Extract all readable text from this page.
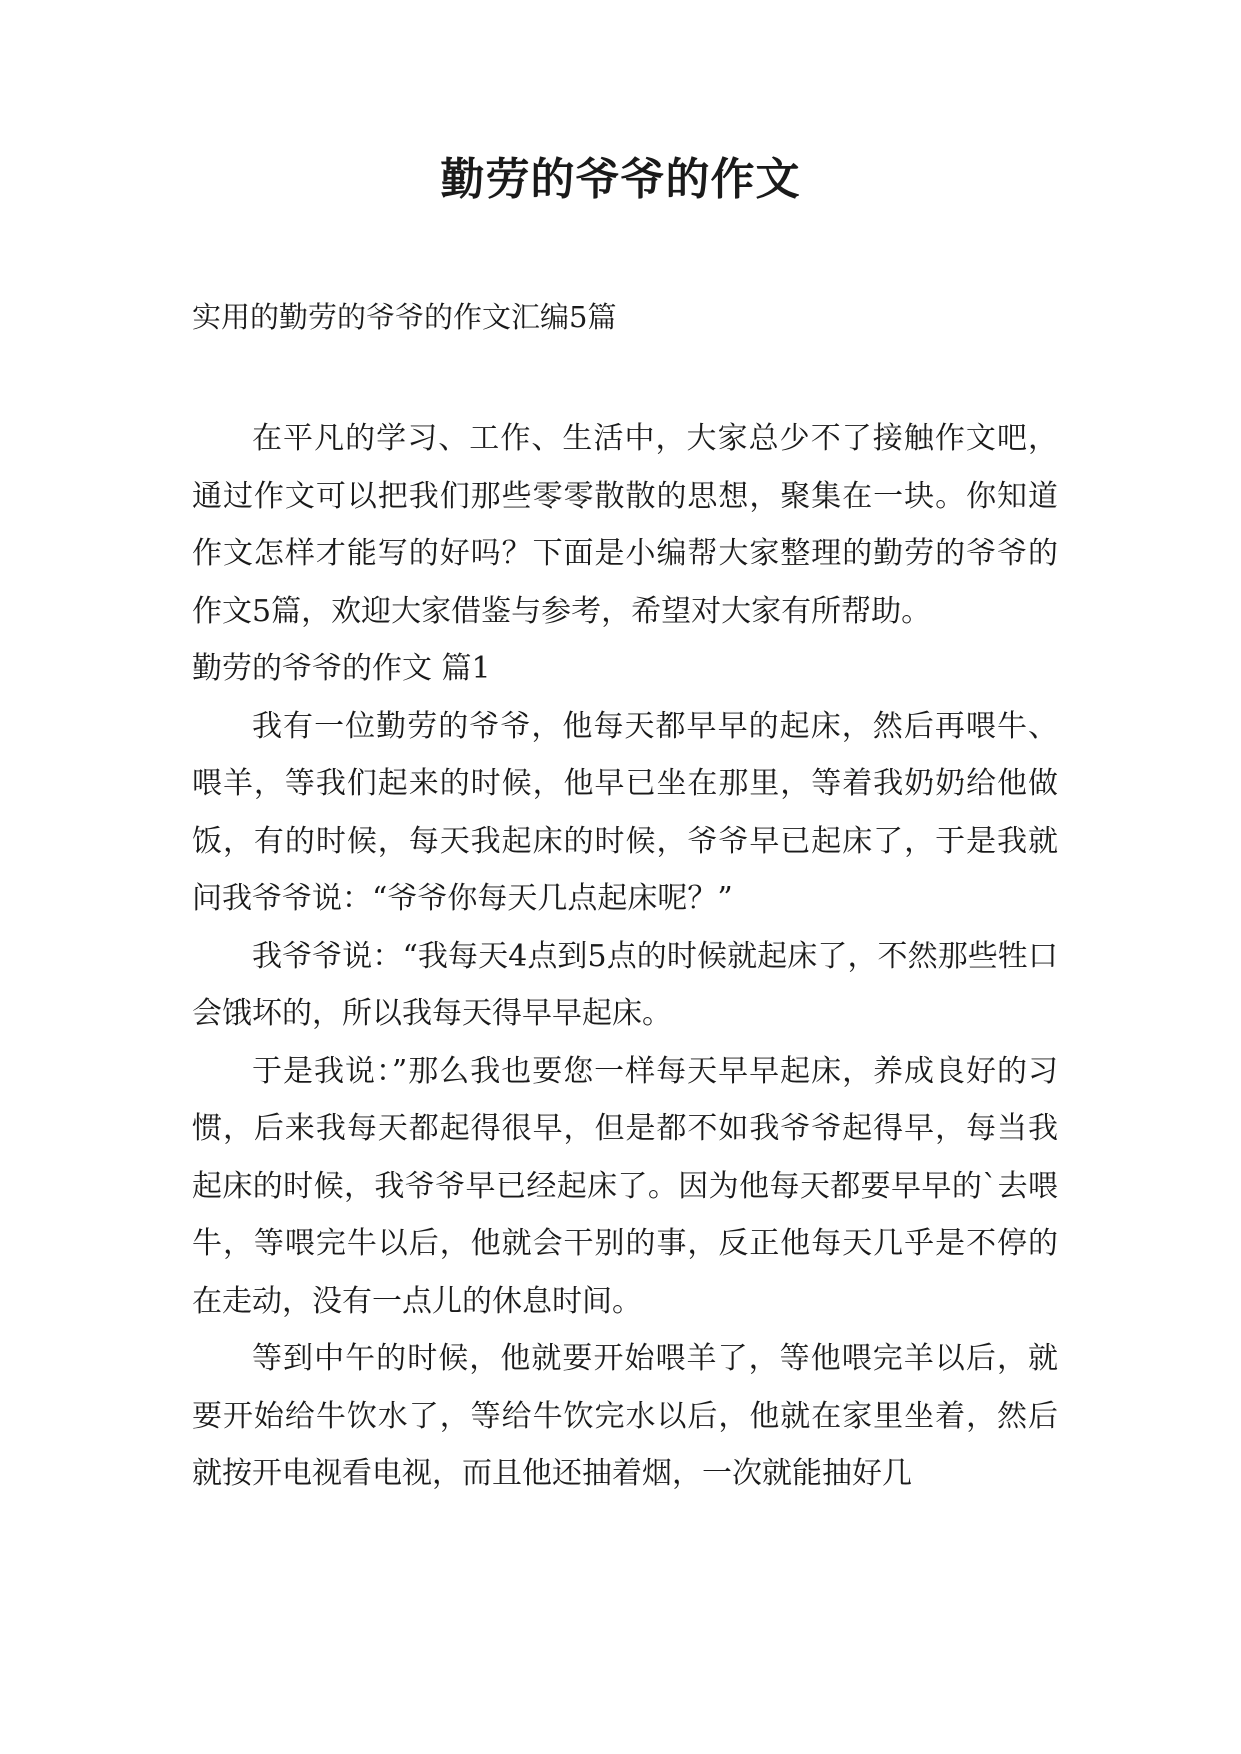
勤劳的爷爷的作文

实用的勤劳的爷爷的作文汇编5篇

在平凡的学习、工作、生活中，大家总少不了接触作文吧，通过作文可以把我们那些零零散散的思想，聚集在一块。你知道作文怎样才能写的好吗？下面是小编帮大家整理的勤劳的爷爷的作文5篇，欢迎大家借鉴与参考，希望对大家有所帮助。

勤劳的爷爷的作文 篇1

我有一位勤劳的爷爷，他每天都早早的起床，然后再喂牛、喂羊，等我们起来的时候，他早已坐在那里，等着我奶奶给他做饭，有的时候，每天我起床的时候，爷爷早已起床了，于是我就问我爷爷说：“爷爷你每天几点起床呢？”

我爷爷说：“我每天4点到5点的时候就起床了，不然那些牲口会饿坏的，所以我每天得早早起床。

于是我说：”那么我也要您一样每天早早起床，养成良好的习惯，后来我每天都起得很早，但是都不如我爷爷起得早，每当我起床的时候，我爷爷早已经起床了。因为他每天都要早早的`去喂牛，等喂完牛以后，他就会干别的事，反正他每天几乎是不停的在走动，没有一点儿的休息时间。

等到中午的时候，他就要开始喂羊了，等他喂完羊以后，就要开始给牛饮水了，等给牛饮完水以后，他就在家里坐着，然后就按开电视看电视，而且他还抽着烟，一次就能抽好几
